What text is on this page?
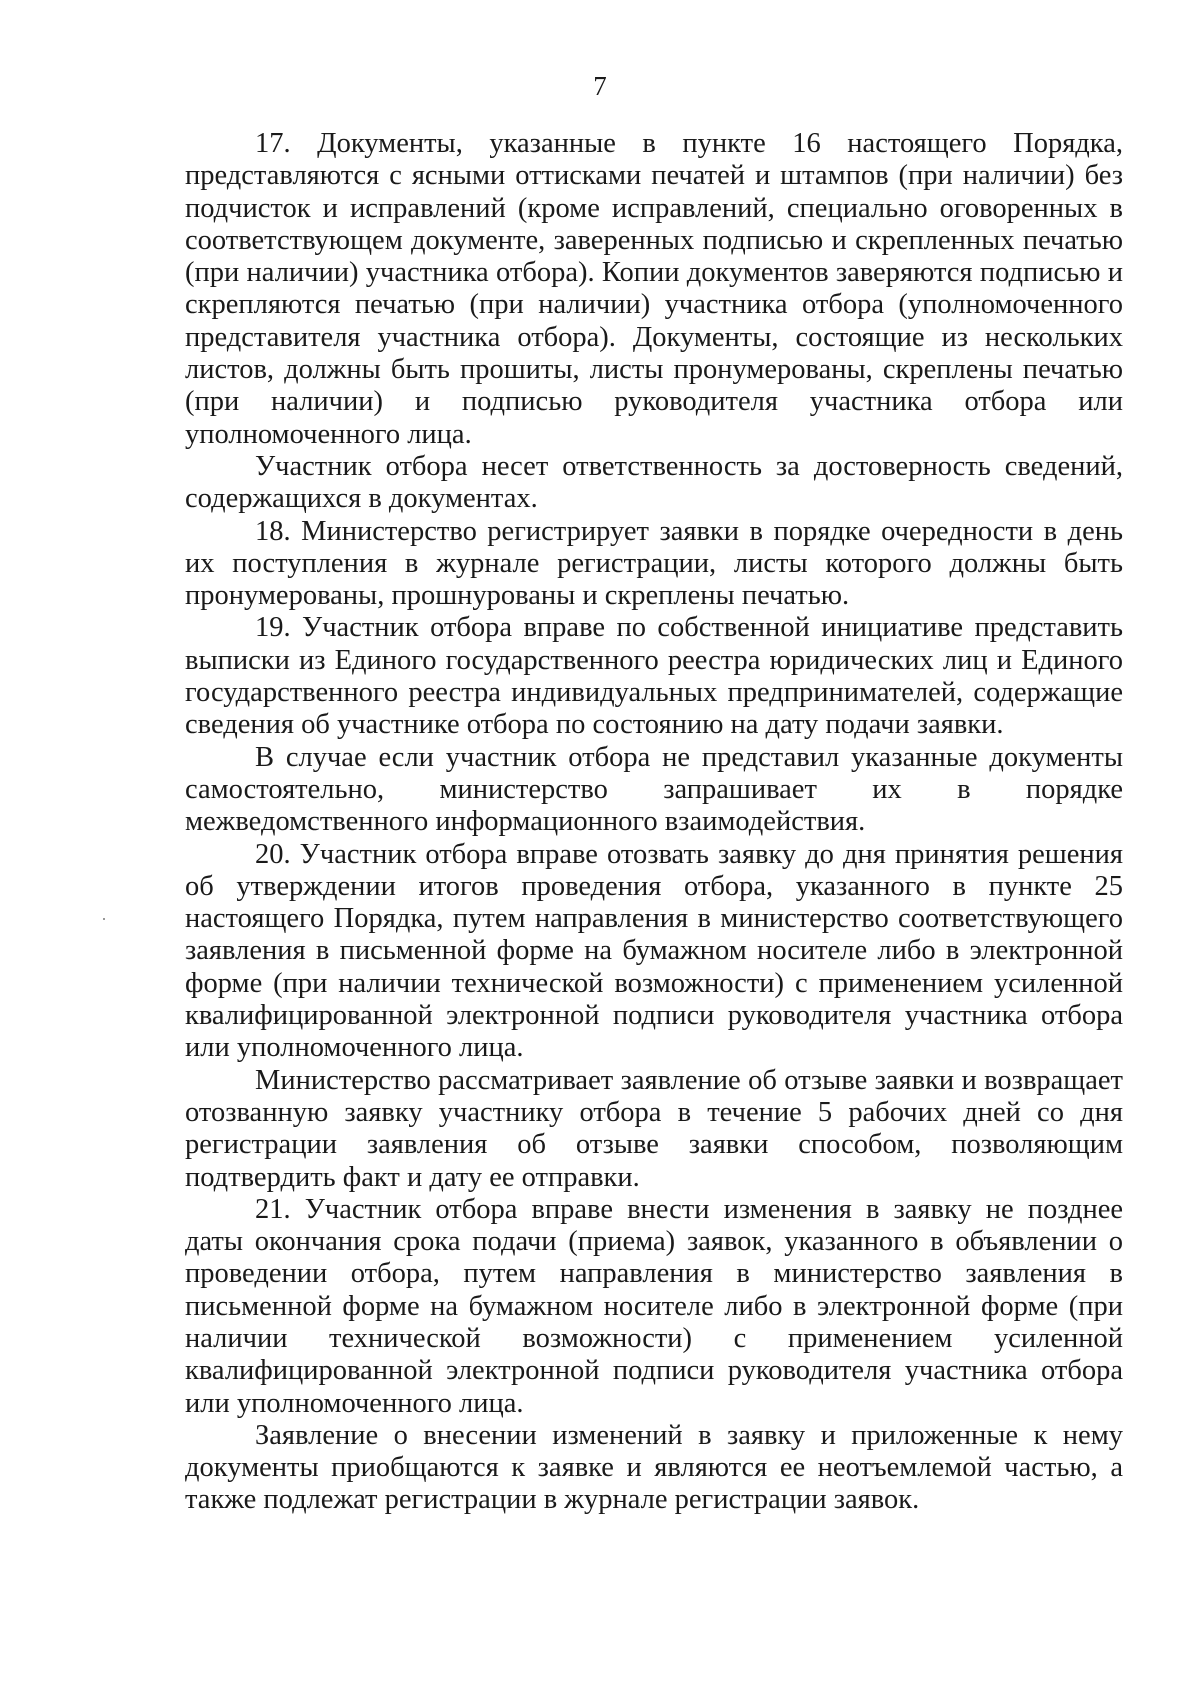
7

17. Документы, указанные в пункте 16 настоящего Порядка, представляются с ясными оттисками печатей и штампов (при наличии) без подчисток и исправлений (кроме исправлений, специально оговоренных в соответствующем документе, заверенных подписью и скрепленных печатью (при наличии) участника отбора). Копии документов заверяются подписью и скрепляются печатью (при наличии) участника отбора (уполномоченного представителя участника отбора). Документы, состоящие из нескольких листов, должны быть прошиты, листы пронумерованы, скреплены печатью (при наличии) и подписью руководителя участника отбора или уполномоченного лица.

Участник отбора несет ответственность за достоверность сведений, содержащихся в документах.

18. Министерство регистрирует заявки в порядке очередности в день их поступления в журнале регистрации, листы которого должны быть пронумерованы, прошнурованы и скреплены печатью.

19. Участник отбора вправе по собственной инициативе представить выписки из Единого государственного реестра юридических лиц и Единого государственного реестра индивидуальных предпринимателей, содержащие сведения об участнике отбора по состоянию на дату подачи заявки.

В случае если участник отбора не представил указанные документы самостоятельно, министерство запрашивает их в порядке межведомственного информационного взаимодействия.

20. Участник отбора вправе отозвать заявку до дня принятия решения об утверждении итогов проведения отбора, указанного в пункте 25 настоящего Порядка, путем направления в министерство соответствующего заявления в письменной форме на бумажном носителе либо в электронной форме (при наличии технической возможности) с применением усиленной квалифицированной электронной подписи руководителя участника отбора или уполномоченного лица.

Министерство рассматривает заявление об отзыве заявки и возвращает отозванную заявку участнику отбора в течение 5 рабочих дней со дня регистрации заявления об отзыве заявки способом, позволяющим подтвердить факт и дату ее отправки.

21. Участник отбора вправе внести изменения в заявку не позднее даты окончания срока подачи (приема) заявок, указанного в объявлении о проведении отбора, путем направления в министерство заявления в письменной форме на бумажном носителе либо в электронной форме (при наличии технической возможности) с применением усиленной квалифицированной электронной подписи руководителя участника отбора или уполномоченного лица.

Заявление о внесении изменений в заявку и приложенные к нему документы приобщаются к заявке и являются ее неотъемлемой частью, а также подлежат регистрации в журнале регистрации заявок.
